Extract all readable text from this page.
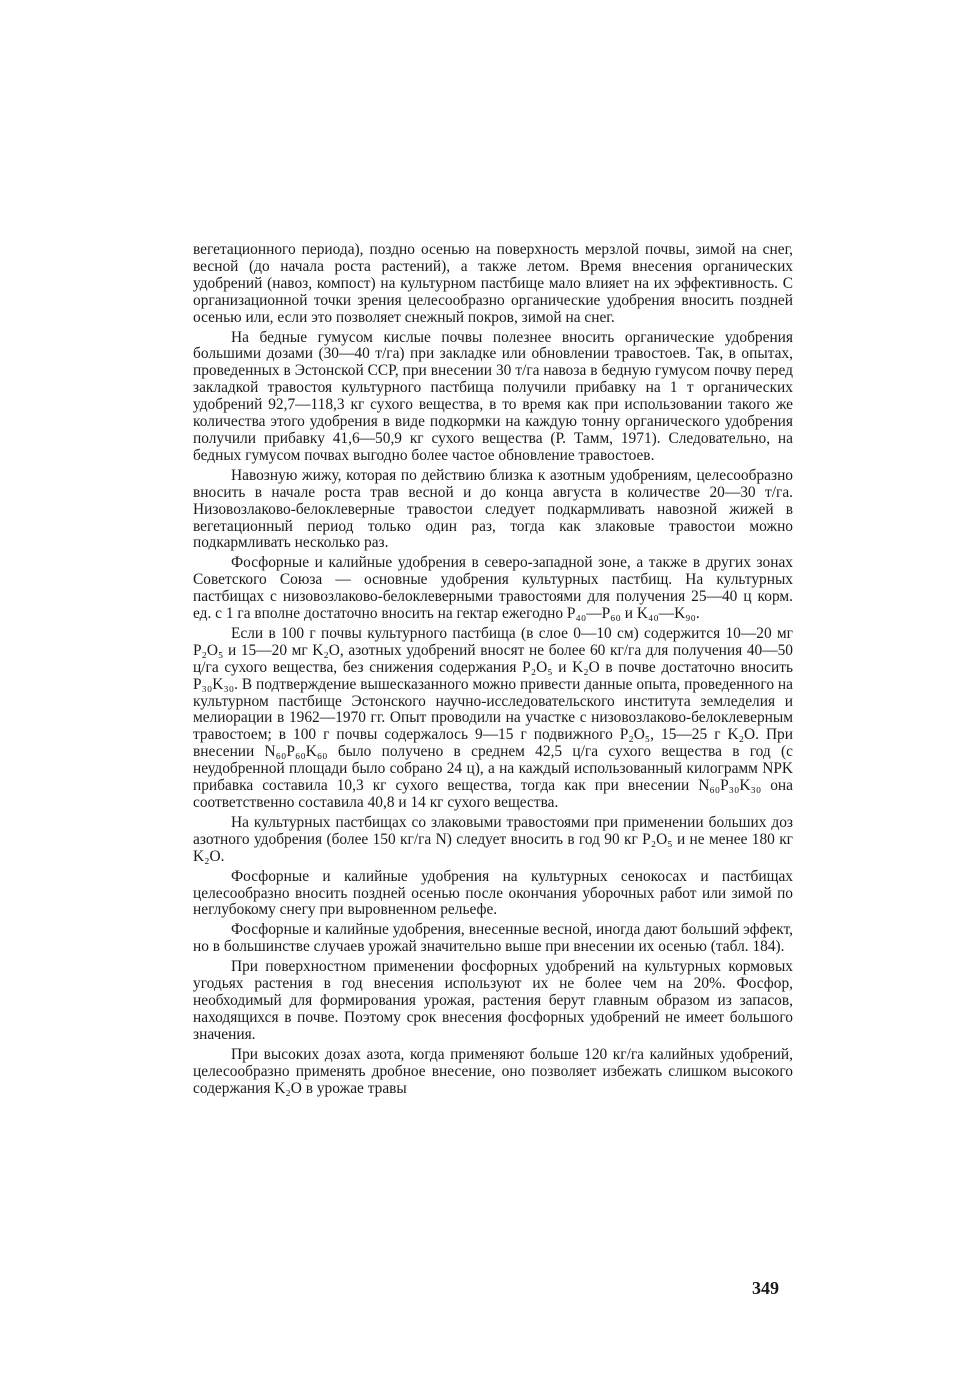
вегетационного периода), поздно осенью на поверхность мерзлой почвы, зимой на снег, весной (до начала роста растений), а также летом. Время внесения органических удобрений (навоз, компост) на культурном пастбище мало влияет на их эффективность. С организационной точки зрения целесообразно органические удобрения вносить поздней осенью или, если это позволяет снежный покров, зимой на снег.

На бедные гумусом кислые почвы полезнее вносить органические удобрения большими дозами (30—40 т/га) при закладке или обновлении травостоев. Так, в опытах, проведенных в Эстонской ССР, при внесении 30 т/га навоза в бедную гумусом почву перед закладкой травостоя культурного пастбища получили прибавку на 1 т органических удобрений 92,7—118,3 кг сухого вещества, в то время как при использовании такого же количества этого удобрения в виде подкормки на каждую тонну органического удобрения получили прибавку 41,6—50,9 кг сухого вещества (Р. Тамм, 1971). Следовательно, на бедных гумусом почвах выгодно более частое обновление травостоев.

Навозную жижу, которая по действию близка к азотным удобрениям, целесообразно вносить в начале роста трав весной и до конца августа в количестве 20—30 т/га. Низовозлаково-белоклеверные травостои следует подкармливать навозной жижей в вегетационный период только один раз, тогда как злаковые травостои можно подкармливать несколько раз.

Фосфорные и калийные удобрения в северо-западной зоне, а также в других зонах Советского Союза — основные удобрения культурных пастбищ. На культурных пастбищах с низовозлаково-белоклеверными травостоями для получения 25—40 ц корм. ед. с 1 га вполне достаточно вносить на гектар ежегодно P₄₀—P₆₀ и K₄₀—K₉₀.

Если в 100 г почвы культурного пастбища (в слое 0—10 см) содержится 10—20 мг P₂O₅ и 15—20 мг K₂O, азотных удобрений вносят не более 60 кг/га для получения 40—50 ц/га сухого вещества, без снижения содержания P₂O₅ и K₂O в почве достаточно вносить P₃₀K₃₀. В подтверждение вышесказанного можно привести данные опыта, проведенного на культурном пастбище Эстонского научно-исследовательского института земледелия и мелиорации в 1962—1970 гг. Опыт проводили на участке с низовозлаково-белоклеверным травостоем; в 100 г почвы содержалось 9—15 г подвижного P₂O₅, 15—25 г K₂O. При внесении N₆₀P₆₀K₆₀ было получено в среднем 42,5 ц/га сухого вещества в год (с неудобренной площади было собрано 24 ц), а на каждый использованный килограмм NPK прибавка составила 10,3 кг сухого вещества, тогда как при внесении N₆₀P₃₀K₃₀ она соответственно составила 40,8 и 14 кг сухого вещества.

На культурных пастбищах со злаковыми травостоями при применении больших доз азотного удобрения (более 150 кг/га N) следует вносить в год 90 кг P₂O₅ и не менее 180 кг K₂O.

Фосфорные и калийные удобрения на культурных сенокосах и пастбищах целесообразно вносить поздней осенью после окончания уборочных работ или зимой по неглубокому снегу при выровненном рельефе.

Фосфорные и калийные удобрения, внесенные весной, иногда дают больший эффект, но в большинстве случаев урожай значительно выше при внесении их осенью (табл. 184).

При поверхностном применении фосфорных удобрений на культурных кормовых угодьях растения в год внесения используют их не более чем на 20%. Фосфор, необходимый для формирования урожая, растения берут главным образом из запасов, находящихся в почве. Поэтому срок внесения фосфорных удобрений не имеет большого значения.

При высоких дозах азота, когда применяют больше 120 кг/га калийных удобрений, целесообразно применять дробное внесение, оно позволяет избежать слишком высокого содержания K₂O в урожае травы

349
